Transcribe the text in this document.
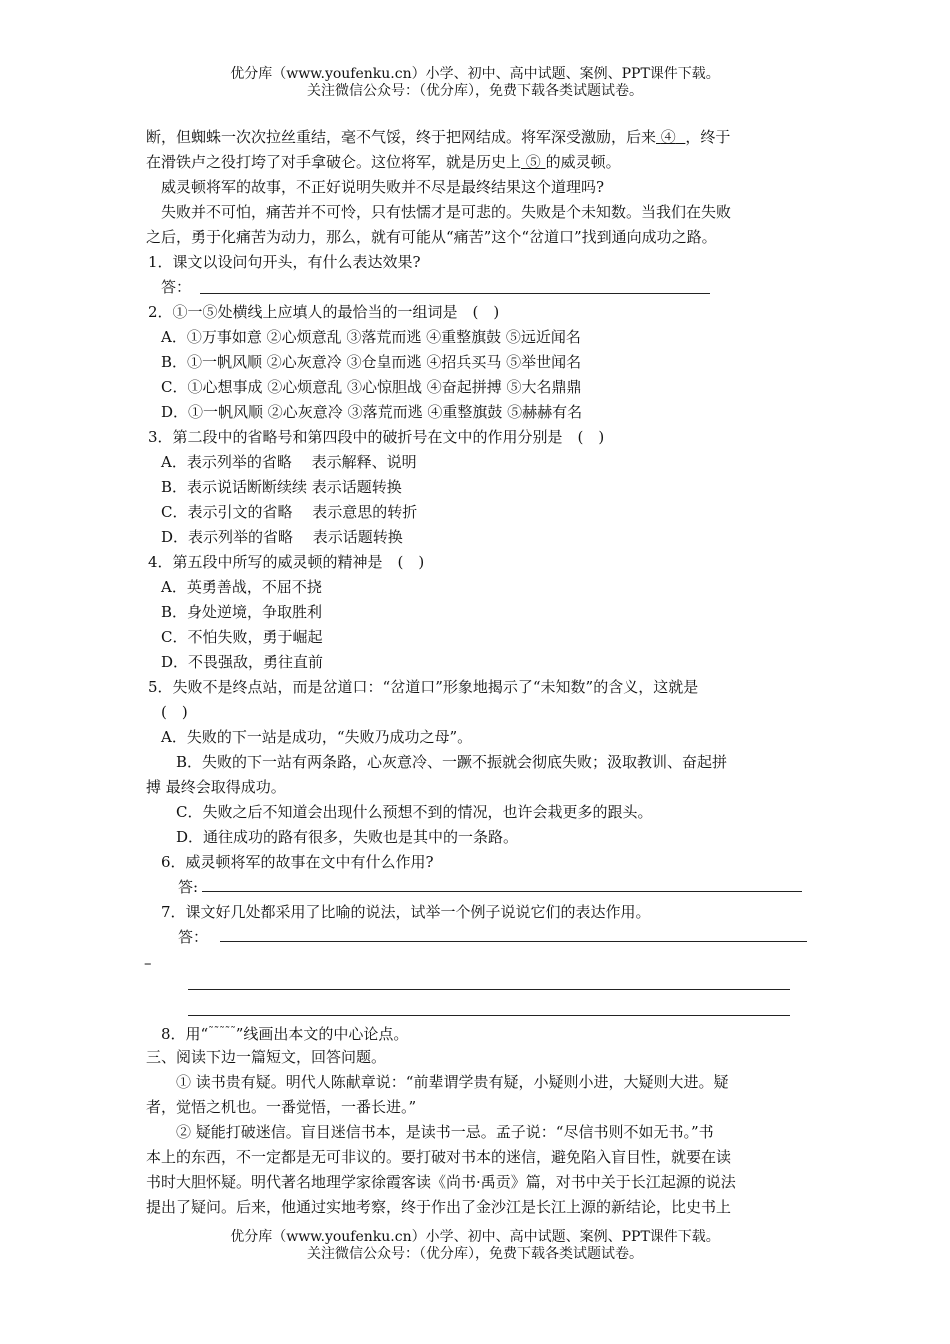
优分库（www.youfenku.cn）小学、初中、高中试题、案例、PPT课件下载。
关注微信公众号：（优分库），免费下载各类试题试卷。
断，但蜘蛛一次次拉丝重结，毫不气馁，终于把网结成。将军深受激励，后来 ④ ，终于
在滑铁卢之役打垮了对手拿破仑。这位将军，就是历史上 ⑤ 的威灵顿。
威灵顿将军的故事，不正好说明失败并不尽是最终结果这个道理吗?
失败并不可怕，痛苦并不可怜，只有怯懦才是可悲的。失败是个未知数。当我们在失败
之后，勇于化痛苦为动力，那么，就有可能从“痛苦”这个“岔道口”找到通向成功之路。
1．课文以设问句开头，有什么表达效果?
答：
2．①一⑤处横线上应填人的最恰当的一组词是　(　)
A．①万事如意 ②心烦意乱 ③落荒而逃 ④重整旗鼓 ⑤远近闻名
B．①一帆风顺 ②心灰意冷 ③仓皇而逃 ④招兵买马 ⑤举世闻名
C．①心想事成 ②心烦意乱 ③心惊胆战 ④奋起拼搏 ⑤大名鼎鼎
D．①一帆风顺 ②心灰意冷 ③落荒而逃 ④重整旗鼓 ⑤赫赫有名
3．第二段中的省略号和第四段中的破折号在文中的作用分别是　(　)
A．表示列举的省略　 表示解释、说明
B．表示说话断断续续 表示话题转换
C．表示引文的省略　 表示意思的转折
D．表示列举的省略　 表示话题转换
4．第五段中所写的威灵顿的精神是　(　)
A．英勇善战，不屈不挠
B．身处逆境，争取胜利
C．不怕失败，勇于崛起
D．不畏强敌，勇往直前
5．失败不是终点站，而是岔道口：“岔道口”形象地揭示了“未知数”的含义，这就是
(　)
A．失败的下一站是成功，“失败乃成功之母”。
B．失败的下一站有两条路，心灰意冷、一蹶不振就会彻底失败；汲取教训、奋起拼
搏 最终会取得成功。
C．失败之后不知道会出现什么预想不到的情况，也许会栽更多的跟头。
D．通往成功的路有很多，失败也是其中的一条路。
6．威灵顿将军的故事在文中有什么作用?
答:
7．课文好几处都采用了比喻的说法，试举一个例子说说它们的表达作用。
答：
–
8．用“˜˜˜˜˜”线画出本文的中心论点。
三、阅读下边一篇短文，回答问题。
① 读书贵有疑。明代人陈献章说：“前辈谓学贵有疑，小疑则小进，大疑则大进。疑
者，觉悟之机也。一番觉悟，一番长进。”
② 疑能打破迷信。盲目迷信书本，是读书一忌。孟子说：“尽信书则不如无书。”书
本上的东西，不一定都是无可非议的。要打破对书本的迷信，避免陷入盲目性，就要在读
书时大胆怀疑。明代著名地理学家徐霞客读《尚书·禹贡》篇，对书中关于长江起源的说法
提出了疑问。后来，他通过实地考察，终于作出了金沙江是长江上源的新结论，比史书上
优分库（www.youfenku.cn）小学、初中、高中试题、案例、PPT课件下载。
关注微信公众号：（优分库），免费下载各类试题试卷。
